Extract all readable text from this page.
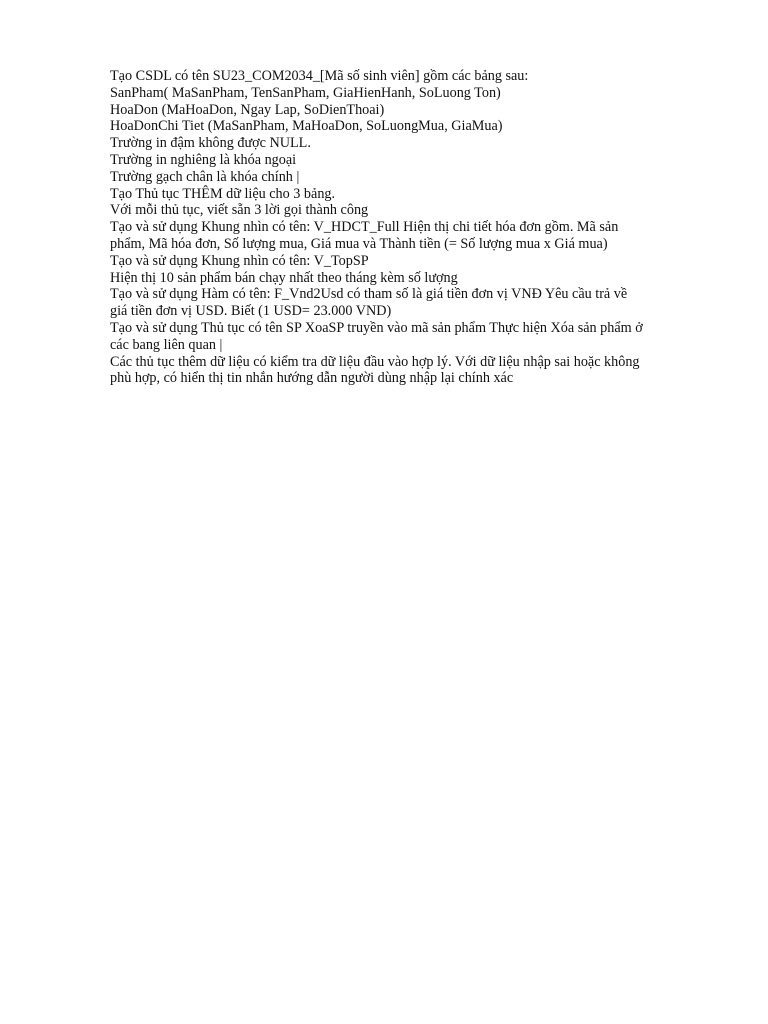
Tạo CSDL có tên SU23_COM2034_[Mã số sinh viên] gồm các bảng sau:
SanPham( MaSanPham, TenSanPham, GiaHienHanh, SoLuong Ton)
HoaDon (MaHoaDon, Ngay Lap, SoDienThoai)
HoaDonChi Tiet (MaSanPham, MaHoaDon, SoLuongMua, GiaMua)
Trường in đậm không được NULL.
Trường in nghiêng là khóa ngoại
Trường gạch chân là khóa chính |
Tạo Thủ tục THÊM dữ liệu cho 3 bảng.
Với mỗi thủ tục, viết sẵn 3 lời gọi thành công
Tạo và sử dụng Khung nhìn có tên: V_HDCT_Full Hiện thị chi tiết hóa đơn gồm. Mã sản
phẩm, Mã hóa đơn, Số lượng mua, Giá mua và Thành tiền (= Số lượng mua x Giá mua)
Tạo và sử dụng Khung nhìn có tên: V_TopSP
Hiện thị 10 sản phẩm bán chạy nhất theo tháng kèm số lượng
Tạo và sử dụng Hàm có tên: F_Vnd2Usd có tham số là giá tiền đơn vị VNĐ Yêu cầu trả về
giá tiền đơn vị USD. Biết (1 USD= 23.000 VND)
Tạo và sử dụng Thủ tục có tên SP XoaSP truyền vào mã sản phẩm Thực hiện Xóa sản phẩm ở
các bang liên quan |
Các thủ tục thêm dữ liệu có kiểm tra dữ liệu đầu vào hợp lý. Với dữ liệu nhập sai hoặc không
phù hợp, có hiển thị tin nhắn hướng dẫn người dùng nhập lại chính xác
